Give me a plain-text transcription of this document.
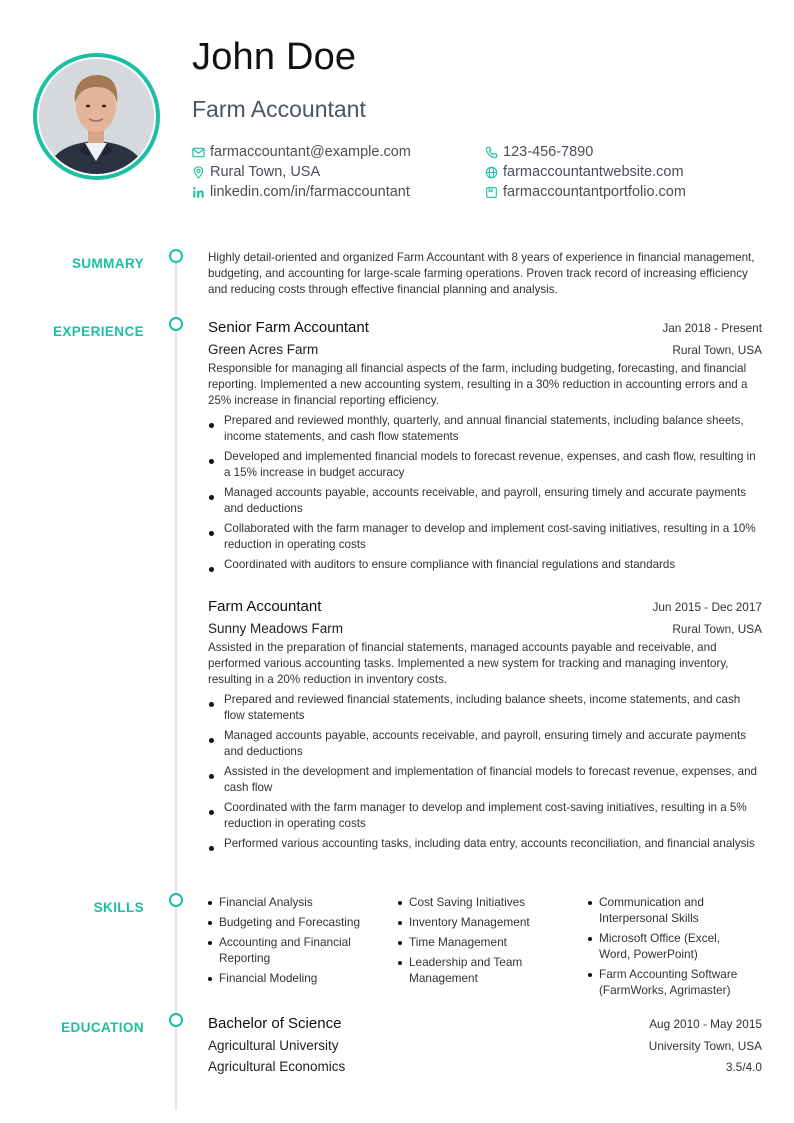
John Doe
Farm Accountant
farmaccountant@example.com	123-456-7890
Rural Town, USA	farmaccountantwebsite.com
linkedin.com/in/farmaccountant	farmaccountantportfolio.com
SUMMARY	Highly detail-oriented and organized Farm Accountant with 8 years of experience in financial management, budgeting, and accounting for large-scale farming operations. Proven track record of increasing efficiency and reducing costs through effective financial planning and analysis.
EXPERIENCE	Senior Farm Accountant	Jan 2018 - Present
Green Acres Farm	Rural Town, USA
Responsible for managing all financial aspects of the farm, including budgeting, forecasting, and financial reporting. Implemented a new accounting system, resulting in a 30% reduction in accounting errors and a 25% increase in financial reporting efficiency.
Prepared and reviewed monthly, quarterly, and annual financial statements, including balance sheets, income statements, and cash flow statements
Developed and implemented financial models to forecast revenue, expenses, and cash flow, resulting in a 15% increase in budget accuracy
Managed accounts payable, accounts receivable, and payroll, ensuring timely and accurate payments and deductions
Collaborated with the farm manager to develop and implement cost-saving initiatives, resulting in a 10% reduction in operating costs
Coordinated with auditors to ensure compliance with financial regulations and standards
Farm Accountant	Jun 2015 - Dec 2017
Sunny Meadows Farm	Rural Town, USA
Assisted in the preparation of financial statements, managed accounts payable and receivable, and performed various accounting tasks. Implemented a new system for tracking and managing inventory, resulting in a 20% reduction in inventory costs.
Prepared and reviewed financial statements, including balance sheets, income statements, and cash flow statements
Managed accounts payable, accounts receivable, and payroll, ensuring timely and accurate payments and deductions
Assisted in the development and implementation of financial models to forecast revenue, expenses, and cash flow
Coordinated with the farm manager to develop and implement cost-saving initiatives, resulting in a 5% reduction in operating costs
Performed various accounting tasks, including data entry, accounts reconciliation, and financial analysis
SKILLS	Financial Analysis
Budgeting and Forecasting
Accounting and Financial Reporting
Financial Modeling
Cost Saving Initiatives
Inventory Management
Time Management
Leadership and Team Management
Communication and Interpersonal Skills
Microsoft Office (Excel, Word, PowerPoint)
Farm Accounting Software (FarmWorks, Agrimaster)
EDUCATION	Bachelor of Science	Aug 2010 - May 2015
Agricultural University	University Town, USA
Agricultural Economics	3.5/4.0
